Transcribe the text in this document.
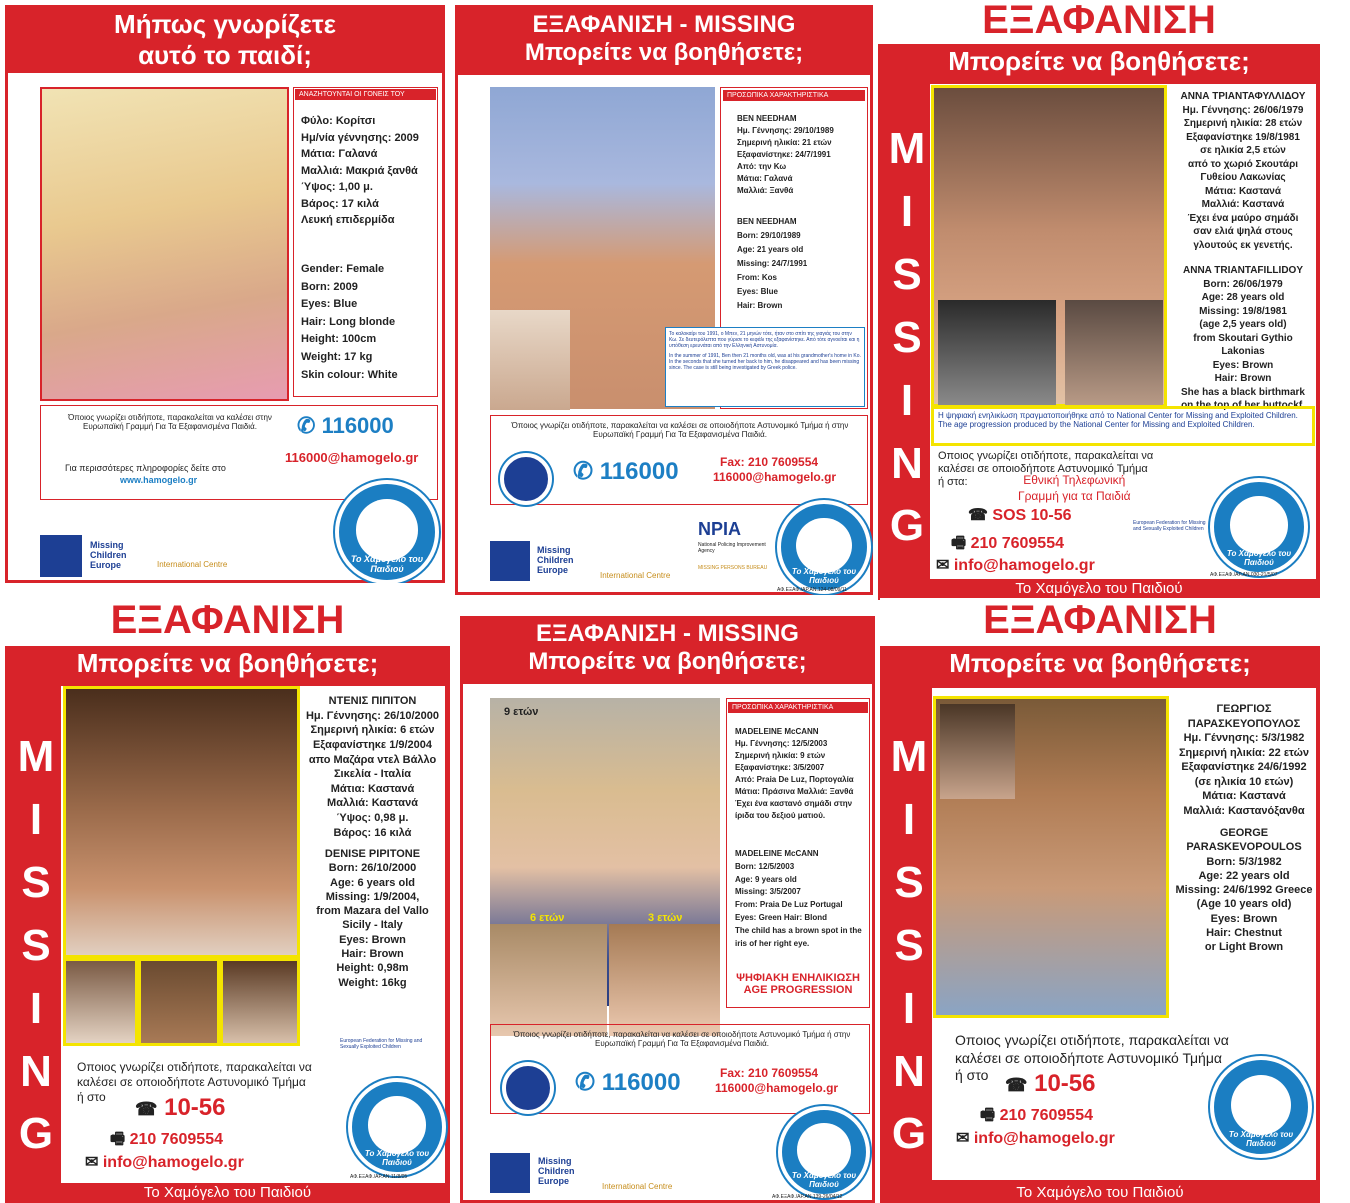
Μήπως γνωρίζετε
αυτό το παιδί;
ΑΝΑΖΗΤΟΥΝΤΑΙ ΟΙ ΓΟΝΕΙΣ ΤΟΥ
Φύλο: Κορίτσι
Ημ/νία γέννησης: 2009
Μάτια: Γαλανά
Μαλλιά: Μακριά ξανθά
Ύψος: 1,00 μ.
Βάρος: 17 κιλά
Λευκή επιδερμίδα
Gender: Female
Born: 2009
Eyes: Blue
Hair: Long blonde
Height: 100cm
Weight: 17 kg
Skin colour: White
Όποιος γνωρίζει οτιδήποτε, παρακαλείται να καλέσει στην Ευρωπαϊκή Γραμμή Για Τα Εξαφανισμένα Παιδιά.	✆ 116000
Για περισσότερες πληροφορίες δείτε στο
www.hamogelo.gr
116000@hamogelo.gr
Missing Children Europe	International Centre
Το Χαμόγελο του Παιδιού
ΕΞΑΦΑΝΙΣΗ - MISSING
Μπορείτε να βοηθήσετε;
ΠΡΟΣΩΠΙΚΑ ΧΑΡΑΚΤΗΡΙΣΤΙΚΑ
BEN NEEDHAM
Ημ. Γέννησης: 29/10/1989
Σημερινή ηλικία: 21 ετών
Εξαφανίστηκε: 24/7/1991
Από: την Κω
Μάτια: Γαλανά
Μαλλιά: Ξανθά
BEN NEEDHAM
Born: 29/10/1989
Age: 21 years old
Missing: 24/7/1991
From: Kos
Eyes: Blue
Hair: Brown
Το καλοκαίρι του 1991, ο Μπεν, 21 μηνών τότε, ήταν στο σπίτι της γιαγιάς του στην Κω. Σε δευτερόλεπτα που γύρισε το κεφάλι της εξαφανίστηκε. Από τότε αγνοείται και η υπόθεση ερευνάται από την Ελληνική Αστυνομία.
In the summer of 1991, Ben then 21 months old, was at his grandmother's home in Ko. In the seconds that she turned her back to him, he disappeared and has been missing since. The case is still being investigated by Greek police.
Όποιος γνωρίζει οτιδήποτε, παρακαλείται να καλέσει σε οποιοδήποτε Αστυνομικό Τμήμα ή στην Ευρωπαϊκή Γραμμή Για Τα Εξαφανισμένα Παιδιά.
✆ 116000	Fax: 210 7609554
116000@hamogelo.gr
Missing Children Europe
International Centre
NPIA
National Policing Improvement Agency
MISSING PERSONS BUREAU	Το Χαμόγελο του Παιδιού
ΑΦ.ΕΞΑΦ./ΑΡ.ΑΝ.124-08/09/11
ΕΞΑΦΑΝΙΣΗ
Μπορείτε να βοηθήσετε;
M
I
S
S
I
N
G
ΑΝΝΑ ΤΡΙΑΝΤΑΦΥΛΛΙΔΟΥ
Ημ. Γέννησης: 26/06/1979
Σημερινή ηλικία: 28 ετών
Εξαφανίστηκε 19/8/1981
σε ηλικία 2,5 ετών
από το χωριό Σκουτάρι
Γυθείου Λακωνίας
Μάτια: Καστανά
Μαλλιά: Καστανά
Έχει ένα μαύρο σημάδι
σαν ελιά ψηλά στους
γλουτούς εκ γενετής.
ANNA TRIANTAFILLIDOY
Born: 26/06/1979
Age: 28 years old
Missing: 19/8/1981
(age 2,5 years old)
from Skoutari Gythio
Lakonias
Eyes: Brown
Hair: Brown
She has a black birthmark
on the top of her buttockf.
Η ψηφιακή ενηλικίωση πραγματοποιήθηκε από το National Center for Missing and Exploited Children.
The age progression produced by the National Center for Missing and Exploited Children.
Οποιος γνωρίζει οτιδήποτε, παρακαλείται να
καλέσει σε οποιοδήποτε Αστυνομικό Τμήμα
ή στα:	Εθνική Τηλεφωνική
Γραμμή για τα Παιδιά
☎ SOS 10-56
🖷 210 7609554
✉ info@hamogelo.gr
European Federation for Missing and Sexually Exploited Children
Το Χαμόγελο του Παιδιού
ΑΦ.ΕΞΑΦ./ΑΡ.ΑΝ.030-21/5/07
Το Χαμόγελο του Παιδιού
ΕΞΑΦΑΝΙΣΗ
Μπορείτε να βοηθήσετε;
M
I
S
S
I
N
G
ΝΤΕΝΙΣ ΠΙΠΙΤΟΝ
Ημ. Γέννησης: 26/10/2000
Σημερινή ηλικία: 6 ετών
Εξαφανίστηκε 1/9/2004
απο Μαζάρα ντελ Βάλλο
Σικελία - Ιταλία
Μάτια: Καστανά
Μαλλιά: Καστανά
Ύψος: 0,98 μ.
Βάρος: 16 κιλά
DENISE PIPITONE
Born: 26/10/2000
Age: 6 years old
Missing: 1/9/2004,
from Mazara del Vallo
Sicily - Italy
Eyes: Brown
Hair: Brown
Height: 0,98m
Weight: 16kg
European Federation for Missing and Sexually Exploited Children
Οποιος γνωρίζει οτιδήποτε, παρακαλείται να
καλέσει σε οποιοδήποτε Αστυνομικό Τμήμα
ή στο
☎ 10-56
🖷 210 7609554
✉ info@hamogelo.gr
Το Χαμόγελο του Παιδιού
ΑΦ.ΕΞΑΦ./ΑΡ.ΑΝ.11/8/05
Το Χαμόγελο του Παιδιού
ΕΞΑΦΑΝΙΣΗ - MISSING
Μπορείτε να βοηθήσετε;
9 ετών
6 ετών	3 ετών
ΠΡΟΣΩΠΙΚΑ ΧΑΡΑΚΤΗΡΙΣΤΙΚΑ
MADELEINE McCANN
Ημ. Γέννησης: 12/5/2003
Σημερινή ηλικία: 9 ετών
Εξαφανίστηκε: 3/5/2007
Από: Praia De Luz, Πορτογαλία
Μάτια: Πράσινα Μαλλιά: Ξανθά
Έχει ένα καστανό σημάδι στην
ίριδα του δεξιού ματιού.
MADELEINE McCANN
Born: 12/5/2003
Age: 9 years old
Missing: 3/5/2007
From: Praia De Luz Portugal
Eyes: Green Hair: Blond
The child has a brown spot in the
iris of her right eye.
ΨΗΦΙΑΚΗ ΕΝΗΛΙΚΙΩΣΗ
AGE PROGRESSION
Όποιος γνωρίζει οτιδήποτε, παρακαλείται να καλέσει σε οποιοδήποτε Αστυνομικό Τμήμα ή στην Ευρωπαϊκή Γραμμή Για Τα Εξαφανισμένα Παιδιά.
✆ 116000	Fax: 210 7609554
116000@hamogelo.gr
Missing Children Europe
International Centre
Το Χαμόγελο του Παιδιού
ΑΦ.ΕΞΑΦ./ΑΡ.ΑΝ.139-26/04/12
ΕΞΑΦΑΝΙΣΗ
Μπορείτε να βοηθήσετε;
M
I
S
S
I
N
G
ΓΕΩΡΓΙΟΣ
ΠΑΡΑΣΚΕΥΟΠΟΥΛΟΣ
Ημ. Γέννησης: 5/3/1982
Σημερινή ηλικία: 22 ετών
Εξαφανίστηκε 24/6/1992
(σε ηλικία 10 ετών)
Μάτια: Καστανά
Μαλλιά: Καστανόξανθα
GEORGE
PARASKEVOPOULOS
Born: 5/3/1982
Age: 22 years old
Missing: 24/6/1992 Greece
(Age 10 years old)
Eyes: Brown
Hair: Chestnut
or Light Brown
Οποιος γνωρίζει οτιδήποτε, παρακαλείται να
καλέσει σε οποιοδήποτε Αστυνομικό Τμήμα
ή στο ☎ 10-56
🖷 210 7609554
✉ info@hamogelo.gr	Το Χαμόγελο του Παιδιού
Το Χαμόγελο του Παιδιού
